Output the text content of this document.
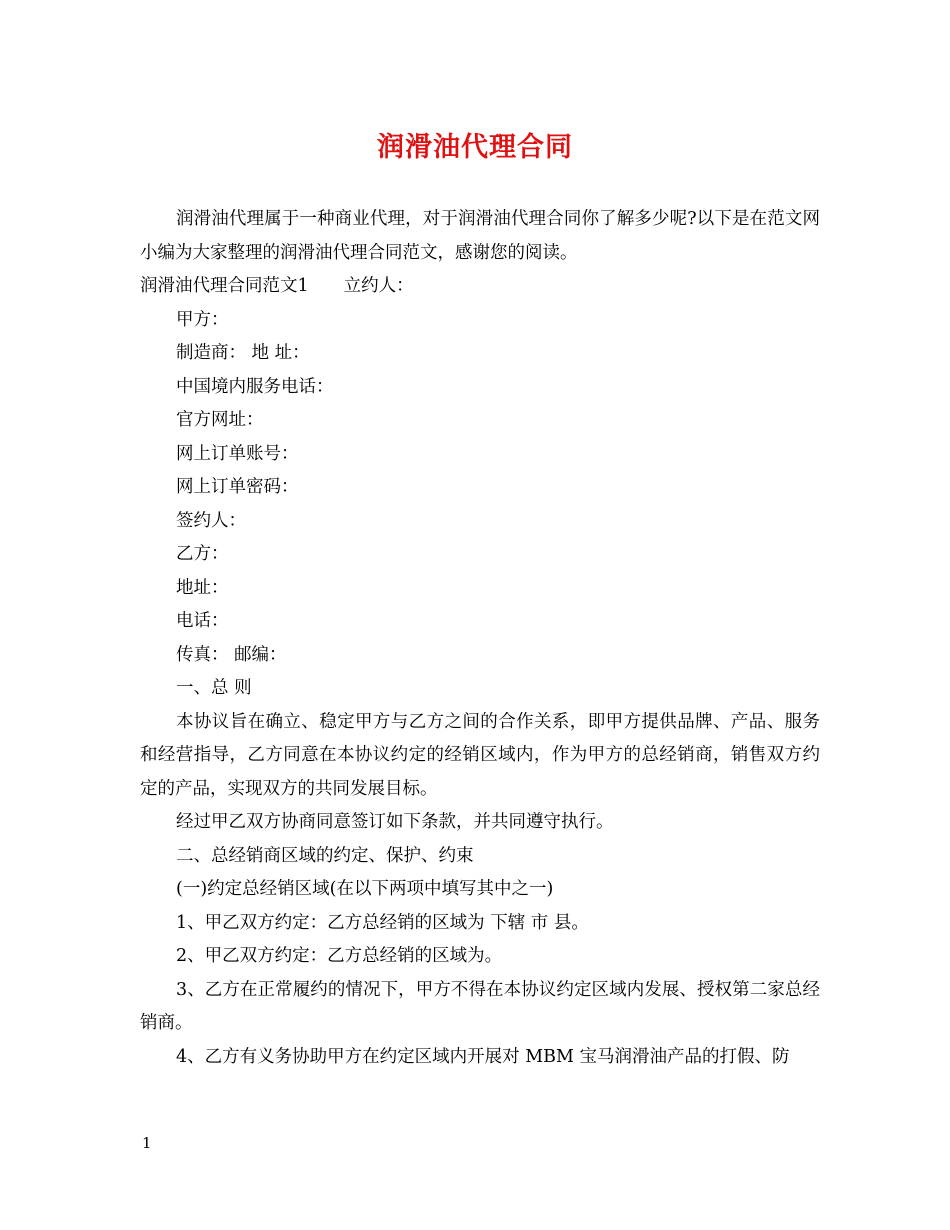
润滑油代理合同

润滑油代理属于一种商业代理，对于润滑油代理合同你了解多少呢?以下是在范文网小编为大家整理的润滑油代理合同范文，感谢您的阅读。

润滑油代理合同范文1　　立约人：

甲方：

制造商： 地 址：

中国境内服务电话：

官方网址：

网上订单账号：

网上订单密码：

签约人：

乙方：

地址：

电话：

传真： 邮编：

一、总 则

本协议旨在确立、稳定甲方与乙方之间的合作关系，即甲方提供品牌、产品、服务和经营指导，乙方同意在本协议约定的经销区域内，作为甲方的总经销商，销售双方约定的产品，实现双方的共同发展目标。

经过甲乙双方协商同意签订如下条款，并共同遵守执行。

二、总经销商区域的约定、保护、约束

(一)约定总经销区域(在以下两项中填写其中之一)

1、甲乙双方约定：乙方总经销的区域为 下辖 市 县。

2、甲乙双方约定：乙方总经销的区域为。

3、乙方在正常履约的情况下，甲方不得在本协议约定区域内发展、授权第二家总经销商。

4、乙方有义务协助甲方在约定区域内开展对 MBM 宝马润滑油产品的打假、防

1
